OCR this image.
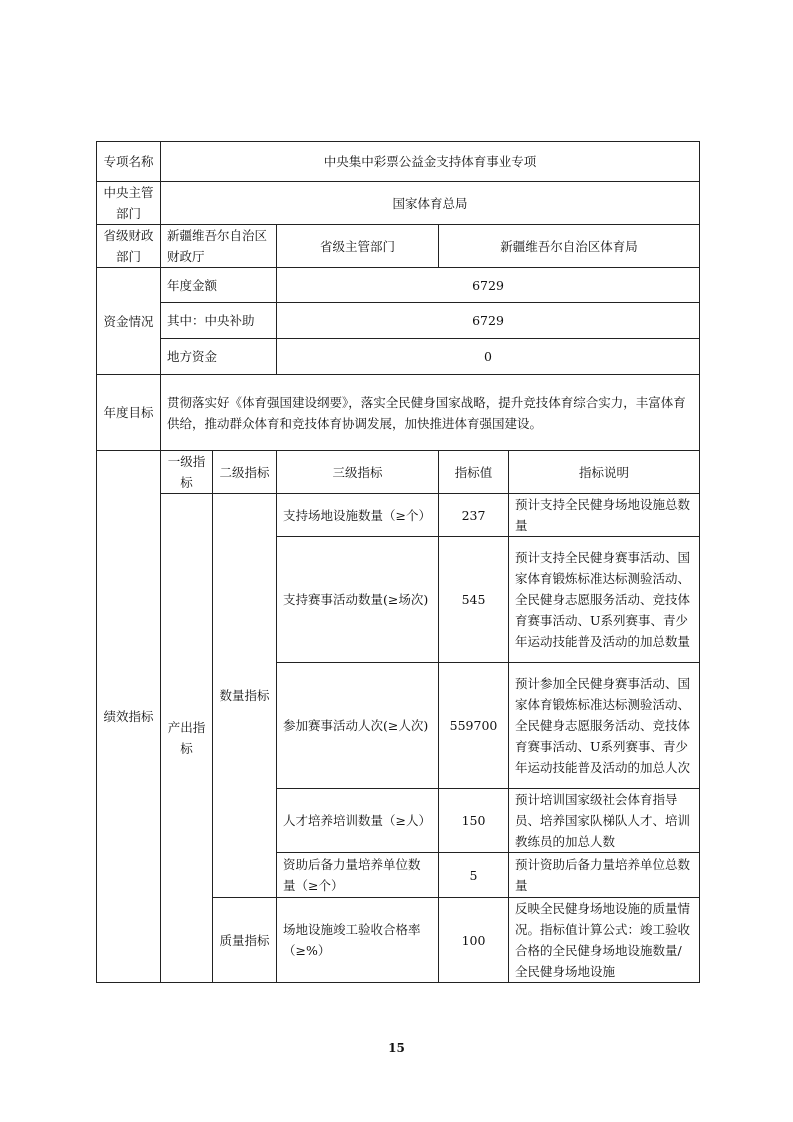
专项名称	中央集中彩票公益金支持体育事业专项				
中央主管部门	国家体育总局				
省级财政部门	新疆维吾尔自治区财政厅		省级主管部门	新疆维吾尔自治区体育局	
资金情况	年度金额		6729		
	其中：中央补助		6729		
	地方资金		0		
年度目标	贯彻落实好《体育强国建设纲要》，落实全民健身国家战略，提升竞技体育综合实力，丰富体育供给，推动群众体育和竞技体育协调发展，加快推进体育强国建设。				
绩效指标	一级指标	二级指标	三级指标	指标值	指标说明
	产出指标	数量指标	支持场地设施数量（≥个）	237	预计支持全民健身场地设施总数量
			支持赛事活动数量(≥场次)	545	预计支持全民健身赛事活动、国家体育锻炼标准达标测验活动、全民健身志愿服务活动、竞技体育赛事活动、U系列赛事、青少年运动技能普及活动的加总数量
			参加赛事活动人次(≥人次)	559700	预计参加全民健身赛事活动、国家体育锻炼标准达标测验活动、全民健身志愿服务活动、竞技体育赛事活动、U系列赛事、青少年运动技能普及活动的加总人次
			人才培养培训数量（≥人）	150	预计培训国家级社会体育指导员、培养国家队梯队人才、培训教练员的加总人数
			资助后备力量培养单位数量（≥个）	5	预计资助后备力量培养单位总数量
		质量指标	场地设施竣工验收合格率（≥%）	100	反映全民健身场地设施的质量情况。指标值计算公式：竣工验收合格的全民健身场地设施数量/全民健身场地设施
15
